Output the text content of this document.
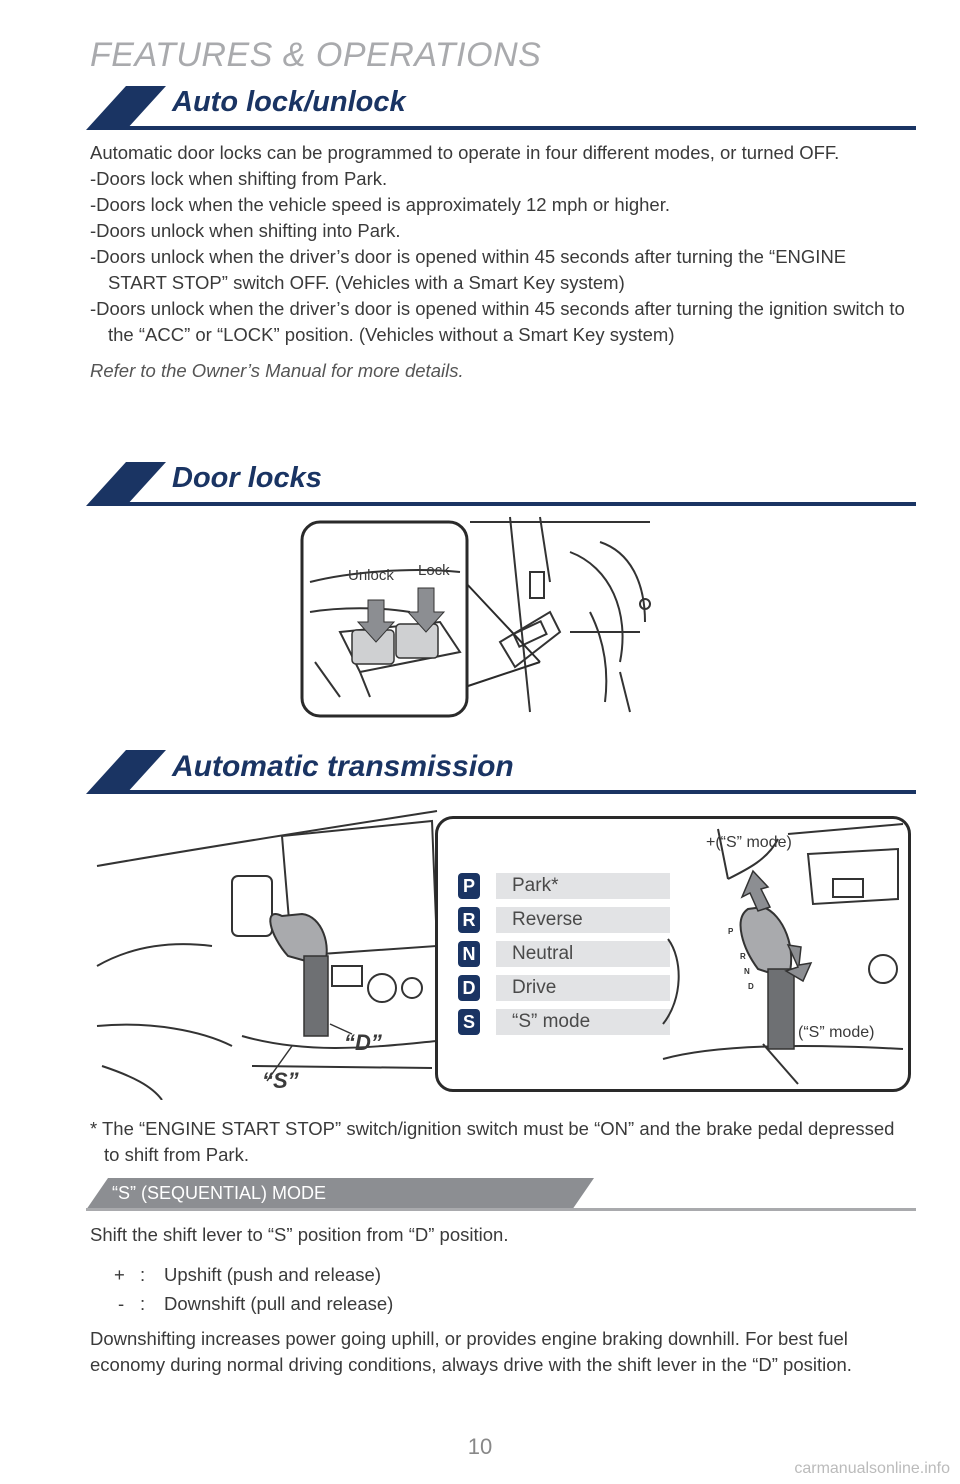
FEATURES & OPERATIONS
Auto lock/unlock
Automatic door locks can be programmed to operate in four different modes, or turned OFF.
-Doors lock when shifting from Park.
-Doors lock when the vehicle speed is approximately 12 mph or higher.
-Doors unlock when shifting into Park.
-Doors unlock when the driver’s door is opened within 45 seconds after turning the “ENGINE START STOP” switch OFF. (Vehicles with a Smart Key system)
-Doors unlock when the driver’s door is opened within 45 seconds after turning the ignition switch to the “ACC” or “LOCK” position. (Vehicles without a Smart Key system)
Refer to the Owner’s Manual for more details.
Door locks
Unlock Lock
Automatic transmission
“S”
“D”
P	Park*
R	Reverse
N	Neutral
D	Drive
S	“S” mode
P
R
N
D
+(“S” mode)
(“S” mode)
* The “ENGINE START STOP” switch/ignition switch must be “ON” and the brake pedal depressed to shift from Park.
“S” (SEQUENTIAL) MODE
Shift the shift lever to “S” position from “D” position.
+ :	Upshift (push and release)
- :	Downshift (pull and release)
Downshifting increases power going uphill, or provides engine braking downhill. For best fuel economy during normal driving conditions, always drive with the shift lever in the “D” position.
10
carmanualsonline.info
